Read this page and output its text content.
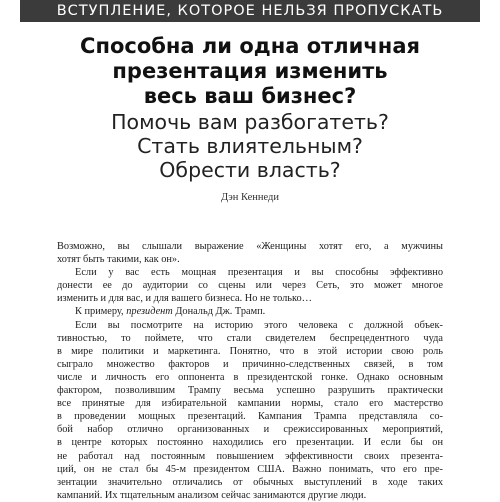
ВСТУПЛЕНИЕ, КОТОРОЕ НЕЛЬЗЯ ПРОПУСКАТЬ
Способна ли одна отличная
презентация изменить
весь ваш бизнес?
Помочь вам разбогатеть?
Стать влиятельным?
Обрести власть?
Дэн Кеннеди

Возможно, вы слышали выражение «Женщины хотят его, а мужчины
хотят быть такими, как он».

Если у вас есть мощная презентация и вы способны эффективно
донести ее до аудитории со сцены или через Сеть, это может многое
изменить и для вас, и для вашего бизнеса. Но не только…

К примеру, президент Дональд Дж. Трамп.

Если вы посмотрите на историю этого человека с должной объек-
тивностью, то поймете, что стали свидетелем беспрецедентного чуда
в мире политики и маркетинга. Понятно, что в этой истории свою роль
сыграло множество факторов и причинно-следственных связей, в том
числе и личность его оппонента в президентской гонке. Однако основным
фактором, позволившим Трампу весьма успешно разрушить практически
все принятые для избирательной кампании нормы, стало его мастерство
в проведении мощных презентаций. Кампания Трампа представляла со-
бой набор отлично организованных и срежиссированных мероприятий,
в центре которых постоянно находились его презентации. И если бы он
не работал над постоянным повышением эффективности своих презента-
ций, он не стал бы 45-м президентом США. Важно понимать, что его пре-
зентации значительно отличались от обычных выступлений в ходе таких
кампаний. Их тщательным анализом сейчас занимаются другие люди.
